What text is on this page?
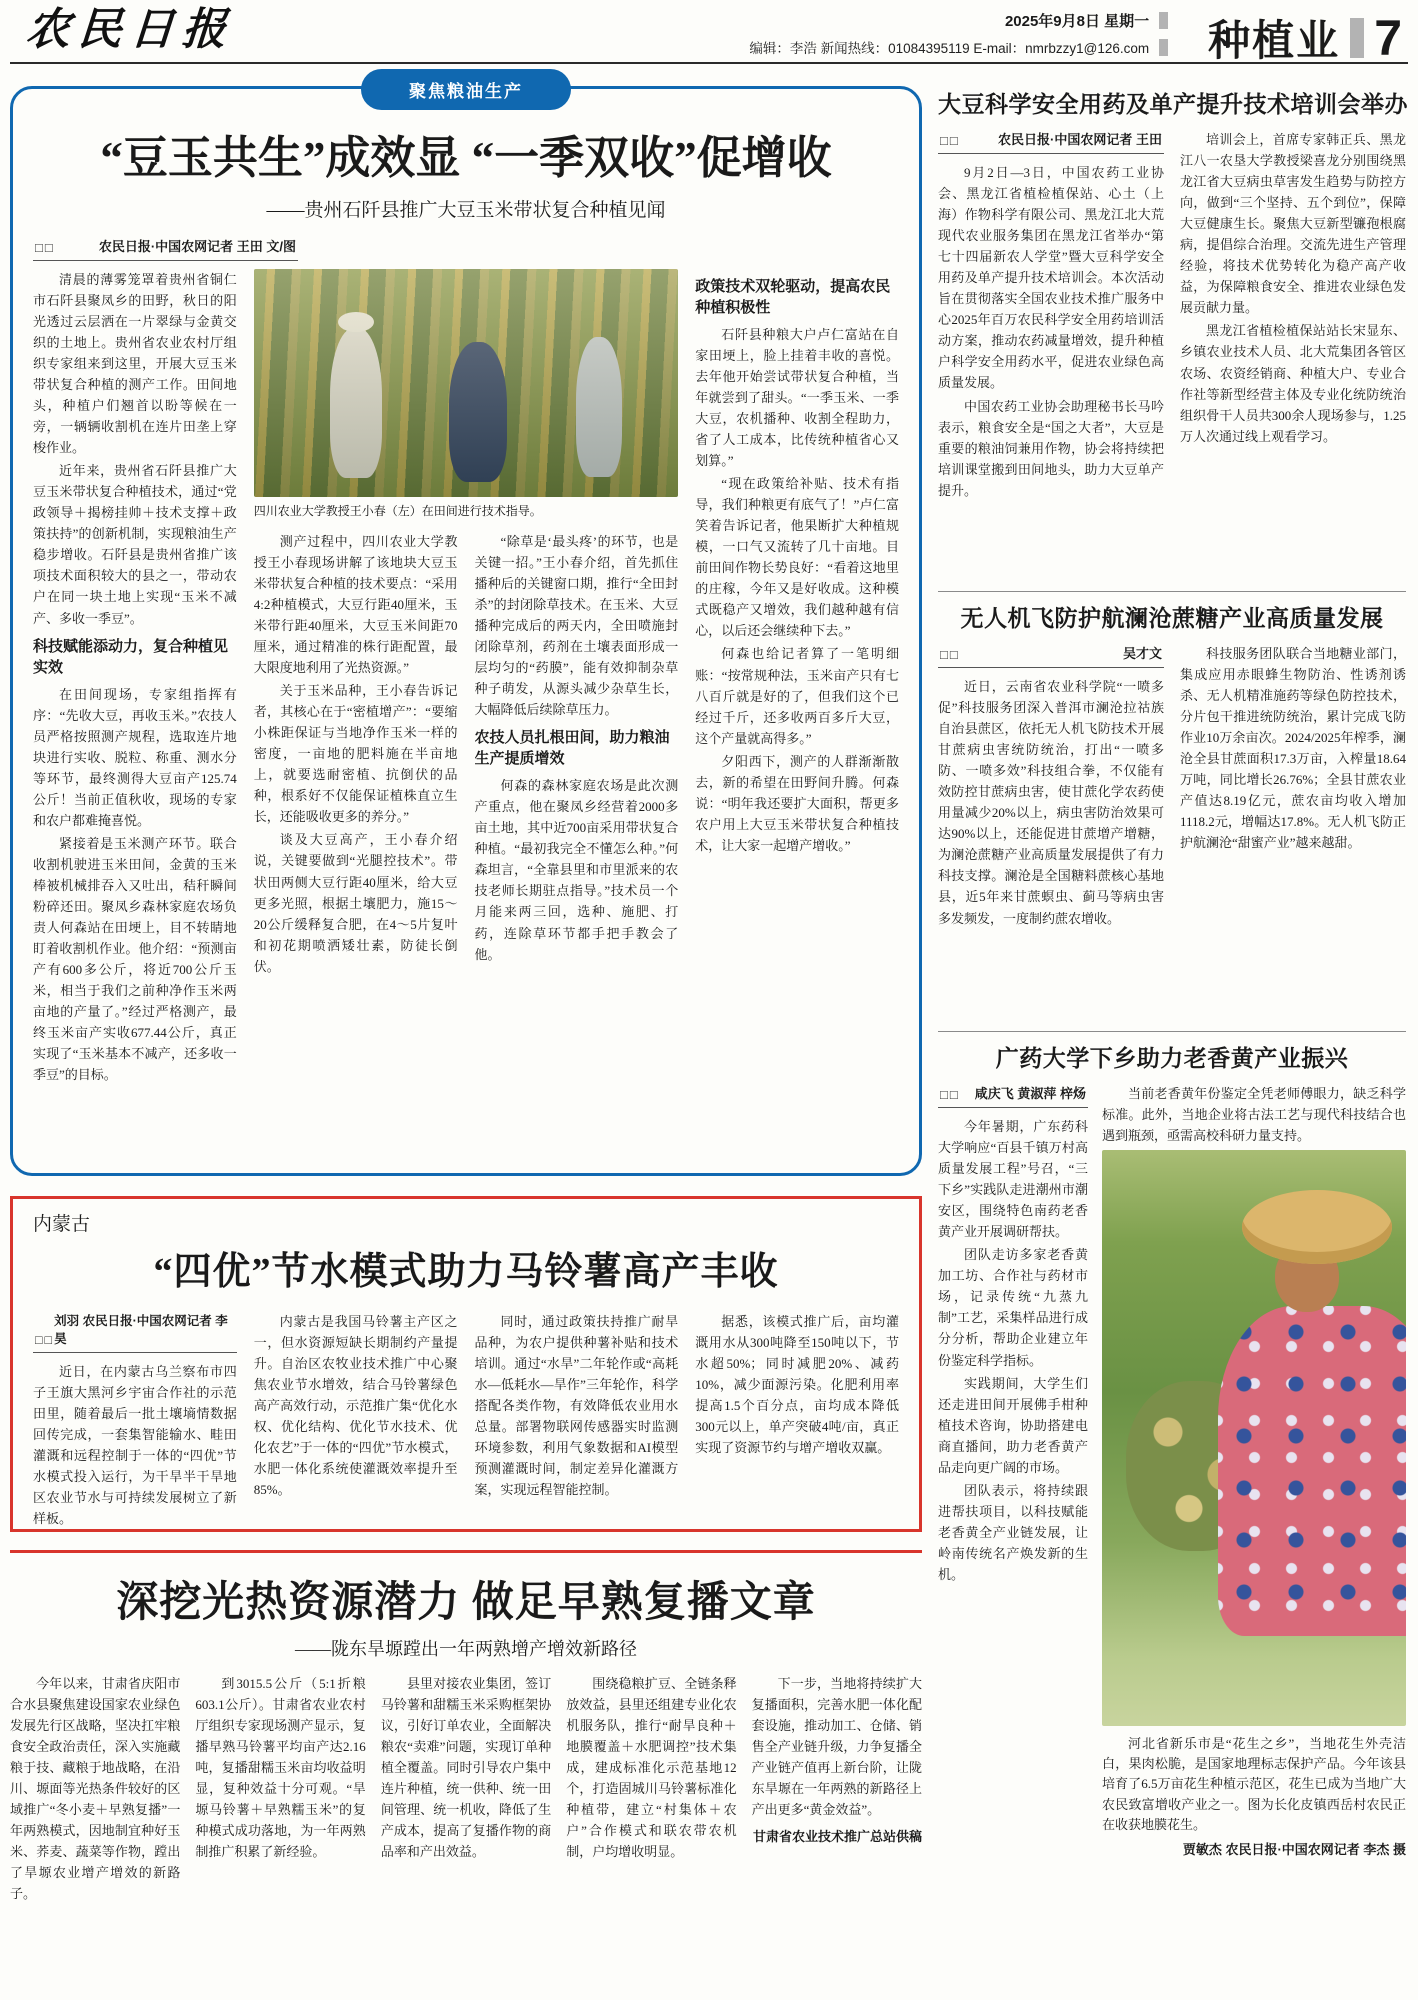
农民日报	2025年9月8日 星期一
编辑：李浩 新闻热线：01084395119 E-mail：nmrbzzy1@126.com 种植业 7
聚焦粮油生产
“豆玉共生”成效显 “一季双收”促增收

——贵州石阡县推广大豆玉米带状复合种植见闻

□□	农民日报·中国农网记者 王田 文/图

清晨的薄雾笼罩着贵州省铜仁市石阡县聚凤乡的田野，秋日的阳光透过云层洒在一片翠绿与金黄交织的土地上。贵州省农业农村厅组织专家组来到这里，开展大豆玉米带状复合种植的测产工作。田间地头，种植户们翘首以盼等候在一旁，一辆辆收割机在连片田垄上穿梭作业。

近年来，贵州省石阡县推广大豆玉米带状复合种植技术，通过“党政领导＋揭榜挂帅＋技术支撑＋政策扶持”的创新机制，实现粮油生产稳步增收。石阡县是贵州省推广该项技术面积较大的县之一，带动农户在同一块土地上实现“玉米不减产、多收一季豆”。

科技赋能添动力，复合种植见实效

在田间现场，专家组指挥有序：“先收大豆，再收玉米。”农技人员严格按照测产规程，选取连片地块进行实收、脱粒、称重、测水分等环节，最终测得大豆亩产125.74公斤！当前正值秋收，现场的专家和农户都难掩喜悦。

紧接着是玉米测产环节。联合收割机驶进玉米田间，金黄的玉米棒被机械排吞入又吐出，秸秆瞬间粉碎还田。聚凤乡森林家庭农场负责人何森站在田埂上，目不转睛地盯着收割机作业。他介绍：“预测亩产有600多公斤，将近700公斤玉米，相当于我们之前种净作玉米两亩地的产量了。”经过严格测产，最终玉米亩产实收677.44公斤，真正实现了“玉米基本不减产，还多收一季豆”的目标。

四川农业大学教授王小春（左）在田间进行技术指导。

测产过程中，四川农业大学教授王小春现场讲解了该地块大豆玉米带状复合种植的技术要点：“采用4:2种植模式，大豆行距40厘米，玉米带行距40厘米，大豆玉米间距70厘米，通过精准的株行距配置，最大限度地利用了光热资源。”

关于玉米品种，王小春告诉记者，其核心在于“密植增产”：“要缩小株距保证与当地净作玉米一样的密度，一亩地的肥料施在半亩地上，就要选耐密植、抗倒伏的品种，根系好不仅能保证植株直立生长，还能吸收更多的养分。”

谈及大豆高产，王小春介绍说，关键要做到“光腿控技术”。带状田两侧大豆行距40厘米，给大豆更多光照，根据土壤肥力，施15～20公斤缓释复合肥，在4～5片复叶和初花期喷洒矮壮素，防徒长倒伏。

“除草是‘最头疼’的环节，也是关键一招。”王小春介绍，首先抓住播种后的关键窗口期，推行“全田封杀”的封闭除草技术。在玉米、大豆播种完成后的两天内，全田喷施封闭除草剂，药剂在土壤表面形成一层均匀的“药膜”，能有效抑制杂草种子萌发，从源头减少杂草生长，大幅降低后续除草压力。

农技人员扎根田间，助力粮油生产提质增效

何森的森林家庭农场是此次测产重点，他在聚凤乡经营着2000多亩土地，其中近700亩采用带状复合种植。“最初我完全不懂怎么种。”何森坦言，“全靠县里和市里派来的农技老师长期驻点指导。”技术员一个月能来两三回，选种、施肥、打药，连除草环节都手把手教会了他。

政策技术双轮驱动，提高农民种植积极性

石阡县种粮大户卢仁富站在自家田埂上，脸上挂着丰收的喜悦。去年他开始尝试带状复合种植，当年就尝到了甜头。“一季玉米、一季大豆，农机播种、收割全程助力，省了人工成本，比传统种植省心又划算。”

“现在政策给补贴、技术有指导，我们种粮更有底气了！”卢仁富笑着告诉记者，他果断扩大种植规模，一口气又流转了几十亩地。目前田间作物长势良好：“看着这地里的庄稼，今年又是好收成。这种模式既稳产又增效，我们越种越有信心，以后还会继续种下去。”

何森也给记者算了一笔明细账：“按常规种法，玉米亩产只有七八百斤就是好的了，但我们这个已经过千斤，还多收两百多斤大豆，这个产量就高得多。”

夕阳西下，测产的人群渐渐散去，新的希望在田野间升腾。何森说：“明年我还要扩大面积，帮更多农户用上大豆玉米带状复合种植技术，让大家一起增产增收。”

内蒙古
“四优”节水模式助力马铃薯高产丰收
□□
刘羽 农民日报·中国农网记者 李昊

近日，在内蒙古乌兰察布市四子王旗大黑河乡宇宙合作社的示范田里，随着最后一批土壤墒情数据回传完成，一套集智能输水、畦田灌溉和远程控制于一体的“四优”节水模式投入运行，为干旱半干旱地区农业节水与可持续发展树立了新样板。

内蒙古是我国马铃薯主产区之一，但水资源短缺长期制约产量提升。自治区农牧业技术推广中心聚焦农业节水增效，结合马铃薯绿色高产高效行动，示范推广集“优化水权、优化结构、优化节水技术、优化农艺”于一体的“四优”节水模式，水肥一体化系统使灌溉效率提升至85%。

同时，通过政策扶持推广耐旱品种，为农户提供种薯补贴和技术培训。通过“水旱”二年轮作或“高耗水—低耗水—旱作”三年轮作，科学搭配各类作物，有效降低农业用水总量。部署物联网传感器实时监测环境参数，利用气象数据和AI模型预测灌溉时间，制定差异化灌溉方案，实现远程智能控制。

据悉，该模式推广后，亩均灌溉用水从300吨降至150吨以下，节水超50%；同时减肥20%、减药10%，减少面源污染。化肥利用率提高1.5个百分点，亩均成本降低300元以上，单产突破4吨/亩，真正实现了资源节约与增产增收双赢。

深挖光热资源潜力 做足早熟复播文章

——陇东旱塬蹚出一年两熟增产增效新路径

今年以来，甘肃省庆阳市合水县聚焦建设国家农业绿色发展先行区战略，坚决扛牢粮食安全政治责任，深入实施藏粮于技、藏粮于地战略，在沿川、塬面等光热条件较好的区域推广“冬小麦＋早熟复播”一年两熟模式，因地制宜种好玉米、荞麦、蔬菜等作物，蹚出了旱塬农业增产增效的新路子。

到3015.5公斤（5:1折粮603.1公斤）。甘肃省农业农村厅组织专家现场测产显示，复播早熟马铃薯平均亩产达2.16吨，复播甜糯玉米亩均收益明显，复种效益十分可观。“旱塬马铃薯＋早熟糯玉米”的复种模式成功落地，为一年两熟制推广积累了新经验。

县里对接农业集团，签订马铃薯和甜糯玉米采购框架协议，引好订单农业，全面解决粮农“卖难”问题，实现订单种植全覆盖。同时引导农户集中连片种植，统一供种、统一田间管理、统一机收，降低了生产成本，提高了复播作物的商品率和产出效益。

围绕稳粮扩豆、全链条释放效益，县里还组建专业化农机服务队，推行“耐旱良种＋地膜覆盖＋水肥调控”技术集成，建成标准化示范基地12个，打造固城川马铃薯标准化种植带，建立“村集体＋农户”合作模式和联农带农机制，户均增收明显。

下一步，当地将持续扩大复播面积，完善水肥一体化配套设施，推动加工、仓储、销售全产业链升级，力争复播全产业链产值再上新台阶，让陇东旱塬在一年两熟的新路径上产出更多“黄金效益”。

甘肃省农业技术推广总站供稿

大豆科学安全用药及单产提升技术培训会举办
□□	农民日报·中国农网记者 王田

9月2日—3日，中国农药工业协会、黑龙江省植检植保站、心土（上海）作物科学有限公司、黑龙江北大荒现代农业服务集团在黑龙江省举办“第七十四届新农人学堂”暨大豆科学安全用药及单产提升技术培训会。本次活动旨在贯彻落实全国农业技术推广服务中心2025年百万农民科学安全用药培训活动方案，推动农药减量增效，提升种植户科学安全用药水平，促进农业绿色高质量发展。

中国农药工业协会助理秘书长马吟表示，粮食安全是“国之大者”，大豆是重要的粮油饲兼用作物，协会将持续把培训课堂搬到田间地头，助力大豆单产提升。

培训会上，首席专家韩正兵、黑龙江八一农垦大学教授梁喜龙分别围绕黑龙江省大豆病虫草害发生趋势与防控方向，做到“三个坚持、五个到位”，保障大豆健康生长。聚焦大豆新型镰孢根腐病，提倡综合治理。交流先进生产管理经验，将技术优势转化为稳产高产收益，为保障粮食安全、推进农业绿色发展贡献力量。

黑龙江省植检植保站站长宋显东、乡镇农业技术人员、北大荒集团各管区农场、农资经销商、种植大户、专业合作社等新型经营主体及专业化统防统治组织骨干人员共300余人现场参与，1.25万人次通过线上观看学习。

无人机飞防护航澜沧蔗糖产业高质量发展
□□	吴才文

近日，云南省农业科学院“一喷多促”科技服务团深入普洱市澜沧拉祜族自治县蔗区，依托无人机飞防技术开展甘蔗病虫害统防统治，打出“一喷多防、一喷多效”科技组合拳，不仅能有效防控甘蔗病虫害，使甘蔗化学农药使用量减少20%以上，病虫害防治效果可达90%以上，还能促进甘蔗增产增糖，为澜沧蔗糖产业高质量发展提供了有力科技支撑。澜沧是全国糖料蔗核心基地县，近5年来甘蔗螟虫、蓟马等病虫害多发频发，一度制约蔗农增收。

科技服务团队联合当地糖业部门，集成应用赤眼蜂生物防治、性诱剂诱杀、无人机精准施药等绿色防控技术，分片包干推进统防统治，累计完成飞防作业10万余亩次。2024/2025年榨季，澜沧全县甘蔗面积17.3万亩，入榨量18.64万吨，同比增长26.76%；全县甘蔗农业产值达8.19亿元，蔗农亩均收入增加1118.2元，增幅达17.8%。无人机飞防正护航澜沧“甜蜜产业”越来越甜。

广药大学下乡助力老香黄产业振兴
□□ 咸庆飞 黄淑萍 梓炀

今年暑期，广东药科大学响应“百县千镇万村高质量发展工程”号召，“三下乡”实践队走进潮州市潮安区，围绕特色南药老香黄产业开展调研帮扶。

团队走访多家老香黄加工坊、合作社与药材市场，记录传统“九蒸九制”工艺，采集样品进行成分分析，帮助企业建立年份鉴定科学指标。

实践期间，大学生们还走进田间开展佛手柑种植技术咨询，协助搭建电商直播间，助力老香黄产品走向更广阔的市场。

团队表示，将持续跟进帮扶项目，以科技赋能老香黄全产业链发展，让岭南传统名产焕发新的生机。

当前老香黄年份鉴定全凭老师傅眼力，缺乏科学标准。此外，当地企业将古法工艺与现代科技结合也遇到瓶颈，亟需高校科研力量支持。

河北省新乐市是“花生之乡”，当地花生外壳洁白，果肉松脆，是国家地理标志保护产品。今年该县培育了6.5万亩花生种植示范区，花生已成为当地广大农民致富增收产业之一。图为长化皮镇西岳村农民正在收获地膜花生。

贾敏杰 农民日报·中国农网记者 李杰 摄
